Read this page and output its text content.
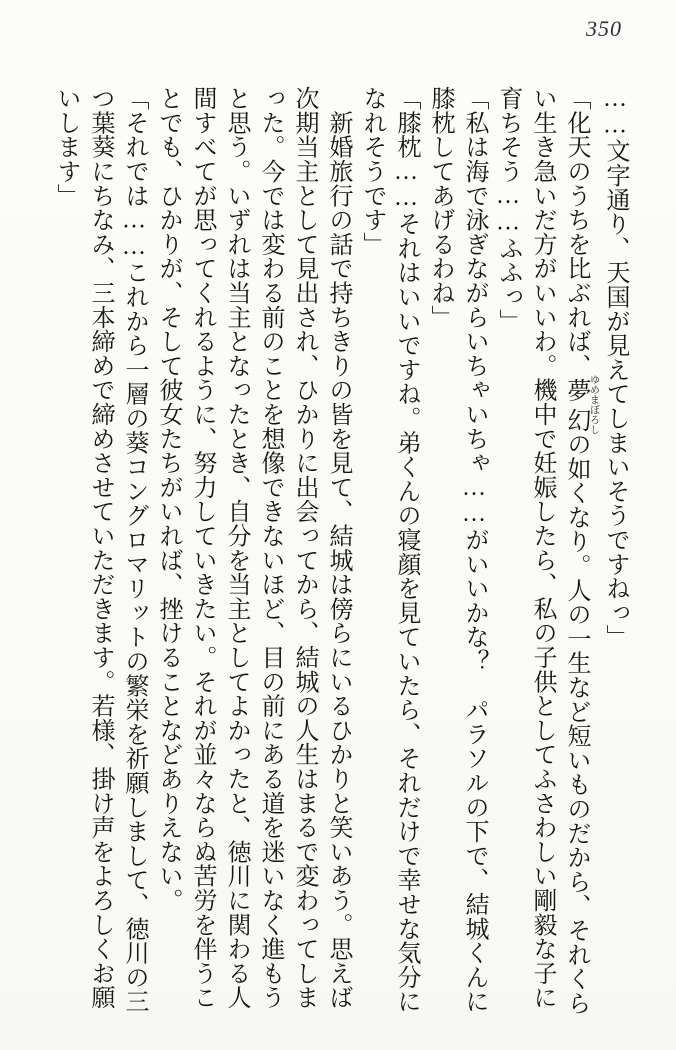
350

……文字通り、天国が見えてしまいそうですねっ」

「化天のうちを比ぶれば、夢幻ゆめまぼろしの如くなり。人の一生など短いものだから、それくら
い生き急いだ方がいいわ。機中で妊娠したら、私の子供としてふさわしい剛毅な子に
育ちそう……ふふっ」

「私は海で泳ぎながらいちゃいちゃ……がいいかな？　パラソルの下で、結城くんに
膝枕してあげるわね」

「膝枕……それはいいですね。弟くんの寝顔を見ていたら、それだけで幸せな気分に
なれそうです」

　新婚旅行の話で持ちきりの皆を見て、結城は傍らにいるひかりと笑いあう。思えば
次期当主として見出され、ひかりに出会ってから、結城の人生はまるで変わってしま
った。今では変わる前のことを想像できないほど、目の前にある道を迷いなく進もう
と思う。いずれは当主となったとき、自分を当主としてよかったと、徳川に関わる人
間すべてが思ってくれるように、努力していきたい。それが並々ならぬ苦労を伴うこ
とでも、ひかりが、そして彼女たちがいれば、挫けることなどありえない。

「それでは……これから一層の葵コングロマリットの繁栄を祈願しまして、徳川の三
つ葉葵にちなみ、三本締めで締めさせていただきます。若様、掛け声をよろしくお願
いします」
